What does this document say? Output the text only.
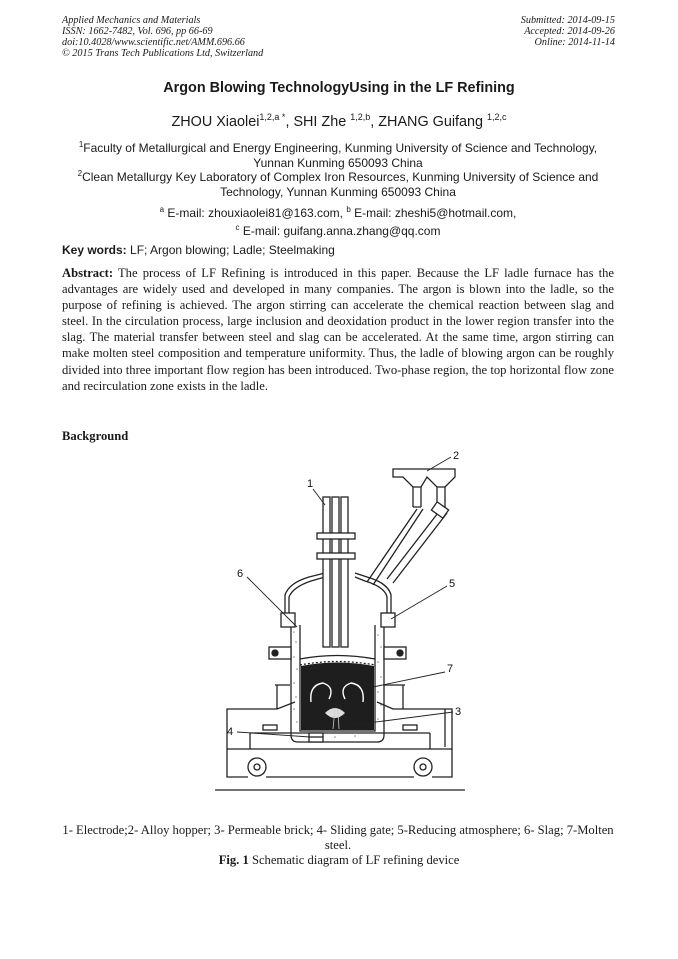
Applied Mechanics and Materials
ISSN: 1662-7482, Vol. 696, pp 66-69
doi:10.4028/www.scientific.net/AMM.696.66
© 2015 Trans Tech Publications Ltd, Switzerland
Submitted: 2014-09-15
Accepted: 2014-09-26
Online: 2014-11-14
Argon Blowing TechnologyUsing in the LF Refining
ZHOU Xiaolei$^{1,2,a *}$, SHI Zhe $^{1,2,b}$, ZHANG Guifang $^{1,2,c}$
$^1$Faculty of Metallurgical and Energy Engineering, Kunming University of Science and Technology, Yunnan Kunming 650093 China
$^2$Clean Metallurgy Key Laboratory of Complex Iron Resources, Kunming University of Science and Technology, Yunnan Kunming 650093 China
$^a$ E-mail: zhouxiaolei81@163.com, $^b$ E-mail: zheshi5@hotmail.com,
$^c$ E-mail: guifang.anna.zhang@qq.com
Key words: LF; Argon blowing; Ladle; Steelmaking
Abstract: The process of LF Refining is introduced in this paper. Because the LF ladle furnace has the advantages are widely used and developed in many companies. The argon is blown into the ladle, so the purpose of refining is achieved. The argon stirring can accelerate the chemical reaction between slag and steel. In the circulation process, large inclusion and deoxidation product in the lower region transfer into the slag. The material transfer between steel and slag can be accelerated. At the same time, argon stirring can make molten steel composition and temperature uniformity. Thus, the ladle of blowing argon can be roughly divided into three important flow region has been introduced. Two-phase region, the top horizontal flow zone and recirculation zone exists in the ladle.
Background
1
2
3
4
5
6
7
1- Electrode;2- Alloy hopper; 3- Permeable brick; 4- Sliding gate; 5-Reducing atmosphere; 6- Slag; 7-Molten steel.
Fig. 1 Schematic diagram of LF refining device
